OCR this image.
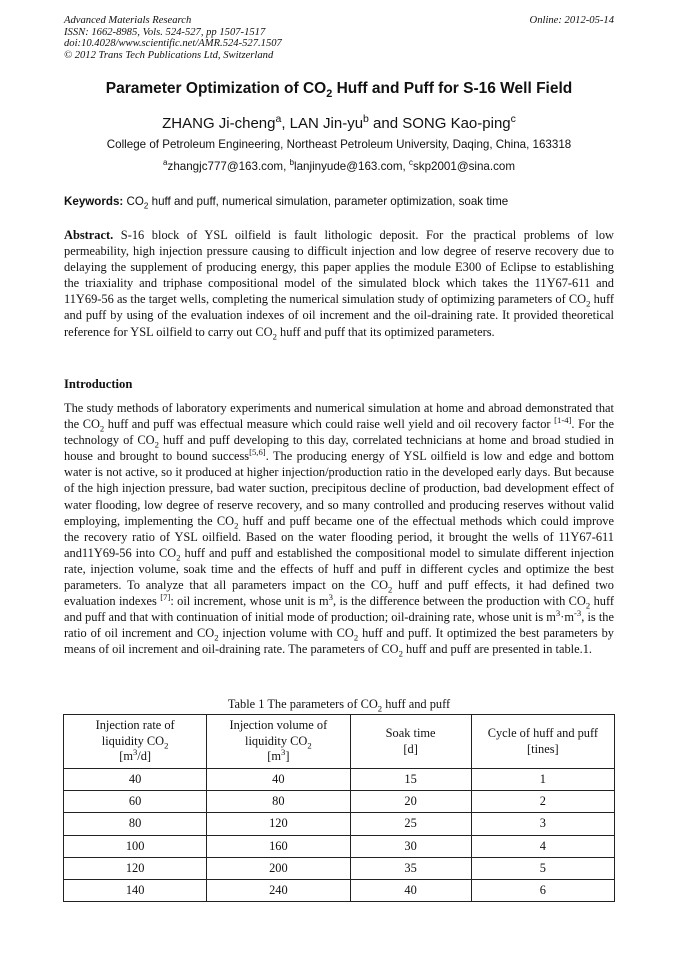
Advanced Materials Research
ISSN: 1662-8985, Vols. 524-527, pp 1507-1517
doi:10.4028/www.scientific.net/AMR.524-527.1507
© 2012 Trans Tech Publications Ltd, Switzerland
Online: 2012-05-14
Parameter Optimization of $CO_2$ Huff and Puff for S-16 Well Field
ZHANG Ji-cheng$^a$, LAN Jin-$yu^b$ and SONG Kao-ping$^c$
College of Petroleum Engineering, Northeast Petroleum University, Daqing, China, 163318
$^a$zhangjc777@163.com, $^b$lanjinyude@163.com, $^c$skp2001@sina.com
Keywords: $CO_2$ huff and puff, numerical simulation, parameter optimization, soak time
Abstract. S-16 block of YSL oilfield is fault lithologic deposit. For the practical problems of low permeability, high injection pressure causing to difficult injection and low degree of reserve recovery due to delaying the supplement of producing energy, this paper applies the module E300 of Eclipse to establishing the triaxiality and triphase compositional model of the simulated block which takes the 11Y67-611 and 11Y69-56 as the target wells, completing the numerical simulation study of optimizing parameters of $CO_2$ huff and puff by using of the evaluation indexes of oil increment and the oil-draining rate. It provided theoretical reference for YSL oilfield to carry out $CO_2$ huff and puff that its optimized parameters.
Introduction
The study methods of laboratory experiments and numerical simulation at home and abroad demonstrated that the $CO_2$ huff and puff was effectual measure which could raise well yield and oil recovery factor [1-4]. For the technology of $CO_2$ huff and puff developing to this day, correlated technicians at home and broad studied in house and brought to bound success[5,6]. The producing energy of YSL oilfield is low and edge and bottom water is not active, so it produced at higher injection/production ratio in the developed early days. But because of the high injection pressure, bad water suction, precipitous decline of production, bad development effect of water flooding, low degree of reserve recovery, and so many controlled and producing reserves without valid employing, implementing the $CO_2$ huff and puff became one of the effectual methods which could improve the recovery ratio of YSL oilfield. Based on the water flooding period, it brought the wells of 11Y67-611 and11Y69-56 into $CO_2$ huff and puff and established the compositional model to simulate different injection rate, injection volume, soak time and the effects of huff and puff in different cycles and optimize the best parameters. To analyze that all parameters impact on the $CO_2$ huff and puff effects, it had defined two evaluation indexes [7]: oil increment, whose unit is $m^3$, is the difference between the production with $CO_2$ huff and puff and that with continuation of initial mode of production; oil-draining rate, whose unit is $m^3\cdot m^{-3}$, is the ratio of oil increment and $CO_2$ injection volume with $CO_2$ huff and puff. It optimized the best parameters by means of oil increment and oil-draining rate. The parameters of $CO_2$ huff and puff are presented in table.1.
Table 1 The parameters of $CO_2$ huff and puff
Injection rate of
liquidity $CO_2$
$[m^3/d]$	Injection volume of
liquidity $CO_2$
$[m^3]$	Soak time
[d]	Cycle of huff and puff
[tines]
40	40	15	1
60	80	20	2
80	120	25	3
100	160	30	4
120	200	35	5
140	240	40	6
